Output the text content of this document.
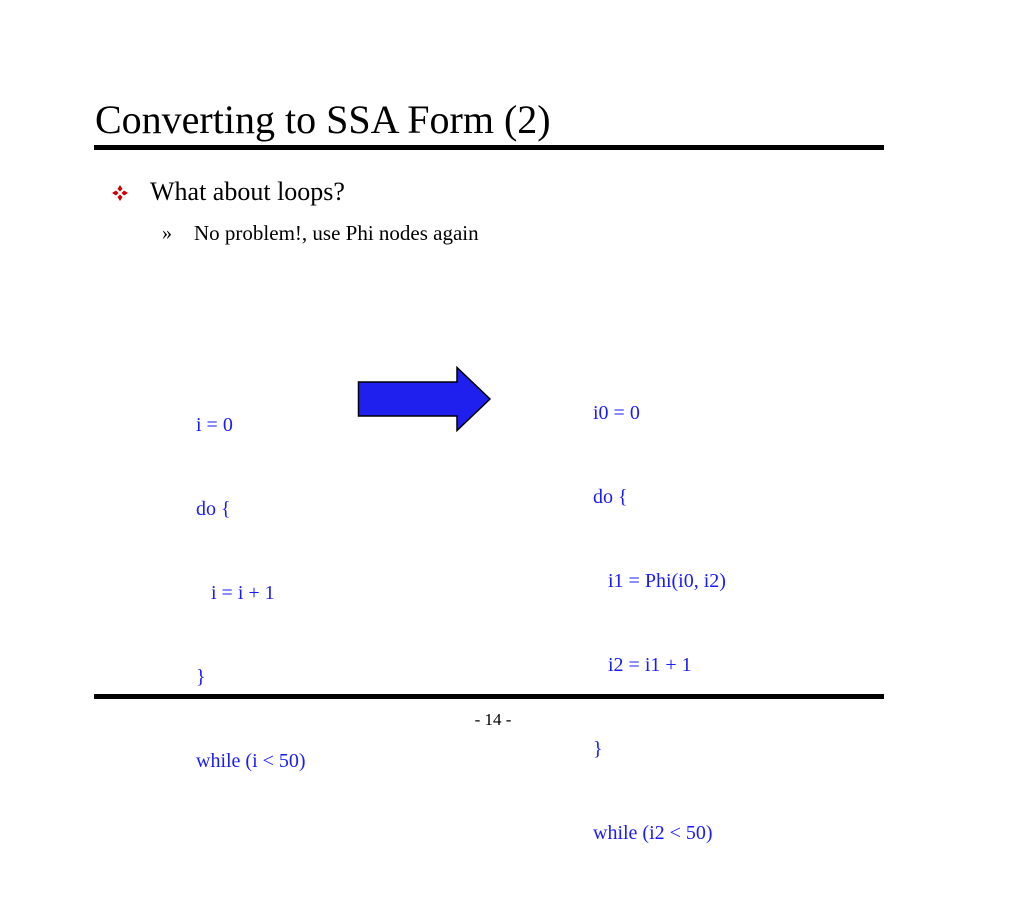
Converting to SSA Form (2)
What about loops?
»	No problem!, use Phi nodes again

i = 0

do {

i = i + 1

}

while (i < 50)

i0 = 0

do {

i1 = Phi(i0, i2)

i2 = i1 + 1

}

while (i2 < 50)

- 14 -
